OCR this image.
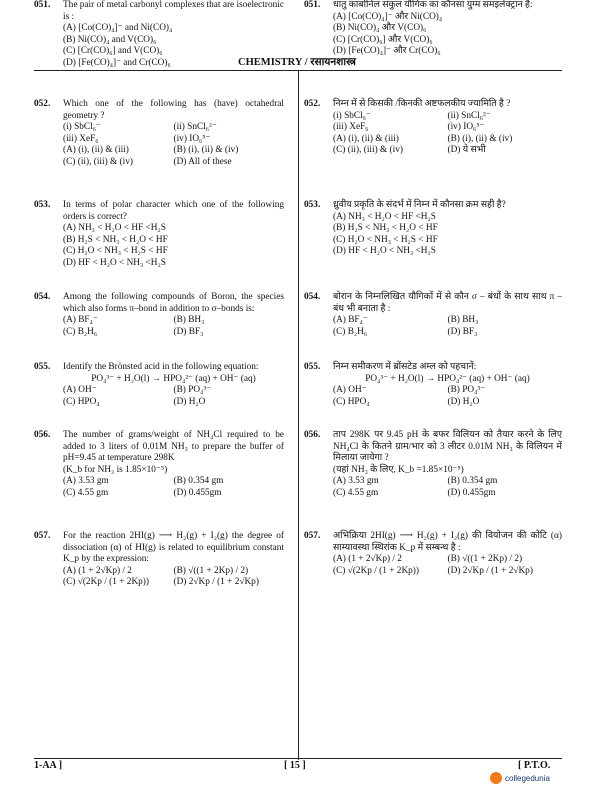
CHEMISTRY / रसायनशास्त्र
051.	The pair of metal carbonyl complexes that are isoelectronic is :
(A) [Co(CO)₄]⁻ and Ni(CO)₄
(B) Ni(CO)₄ and V(CO)₆
(C) [Cr(CO)₆] and V(CO)₆
(D) [Fe(CO)₄]⁻ and Cr(CO)₆
052.	Which one of the following has (have) octahedral geometry ?
(i) SbCl₆⁻	(ii) SnCl₆²⁻
(iii) XeF₆	(iv) IO₆⁵⁻
(A) (i), (ii) & (iii)	(B) (i), (ii) & (iv)
(C) (ii), (iii) & (iv)	(D) All of these
053.	In terms of polar character which one of the following orders is correct?
(A) NH₃ < H₂O < HF <H₂S
(B) H₂S < NH₃ < H₂O < HF
(C) H₂O < NH₃ < H₂S < HF
(D) HF < H₂O < NH₃ <H₂S
054.	Among the following compounds of Boron, the species which also forms π–bond in addition to σ–bonds is:
(A) BF₄⁻	(B) BH₃
(C) B₂H₆	(D) BF₃
055.	Identify the Brönsted acid in the following equation:
PO₄³⁻ + H₂O(l) → HPO₄²⁻ (aq) + OH⁻ (aq)
(A) OH⁻	(B) PO₄³⁻
(C) HPO₄	(D) H₂O
056.	The number of grams/weight of NH₄Cl required to be added to 3 liters of 0.01M NH₃ to prepare the buffer of pH=9.45 at temperature 298K
(K_b for NH₃ is 1.85×10⁻⁵)
(A) 3.53 gm	(B) 0.354 gm
(C) 4.55 gm	(D) 0.455gm
057.	For the reaction 2HI(g) ⟶ H₂(g) + I₂(g) the degree of dissociation (α) of HI(g) is related to equilibrium constant K_p by the expression:
(A) (1 + 2√Kp) / 2	(B) √((1 + 2Kp) / 2)
(C) √(2Kp / (1 + 2Kp))	(D) 2√Kp / (1 + 2√Kp)
051.	धातु कार्बोनिल संकुल यौगिक का कौनसा युग्म समइलेक्ट्रान है:
(A) [Co(CO)₄]⁻ और Ni(CO)₄
(B) Ni(CO)₄ और V(CO)₆
(C) [Cr(CO)₆] और V(CO)₆
(D) [Fe(CO)₄]⁻ और Cr(CO)₆
052.	निम्न में से किसकी /किनकी अष्टफलकीय ज्यामिति है ?
(i) SbCl₆⁻	(ii) SnCl₆²⁻
(iii) XeF₆	(iv) IO₆⁵⁻
(A) (i), (ii) & (iii)	(B) (i), (ii) & (iv)
(C) (ii), (iii) & (iv)	(D) ये सभी
053.	ध्रुवीय प्रकृति के संदर्भ में निम्न में कौनसा क्रम सही है?
(A) NH₃ < H₂O < HF <H₂S
(B) H₂S < NH₃ < H₂O < HF
(C) H₂O < NH₃ < H₂S < HF
(D) HF < H₂O < NH₃ <H₂S
054.	बोरान के निम्नलिखित यौगिकों में से कौन σ – बंधों के साथ साथ π – बंध भी बनाता है :
(A) BF₄⁻	(B) BH₃
(C) B₂H₆	(D) BF₃
055.	निम्न समीकरण में ब्रोंसटेड अम्ल को पहचानें:
PO₄³⁻ + H₂O(l) → HPO₄²⁻ (aq) + OH⁻ (aq)
(A) OH⁻	(B) PO₄³⁻
(C) HPO₄	(D) H₂O
056.	ताप 298K पर 9.45 pH के बफर विलियन को तैयार करने के लिए NH₄Cl के कितने ग्राम/भार को 3 लीटर 0.01M NH₃ के विलियन में मिलाया जायेगा ?
(यहां NH₃ के लिए, K_b =1.85×10⁻⁵)
(A) 3.53 gm	(B) 0.354 gm
(C) 4.55 gm	(D) 0.455gm
057.	अभिक्रिया 2HI(g) ⟶ H₂(g) + I₂(g) की वियोजन की कोटि (α) साम्यावस्था स्थिरांक K_p में सम्बन्ध है :
(A) (1 + 2√Kp) / 2	(B) √((1 + 2Kp) / 2)
(C) √(2Kp / (1 + 2Kp))	(D) 2√Kp / (1 + 2√Kp)
1-AA ]	[ 15 ]	[ P.T.O.
collegedunia
